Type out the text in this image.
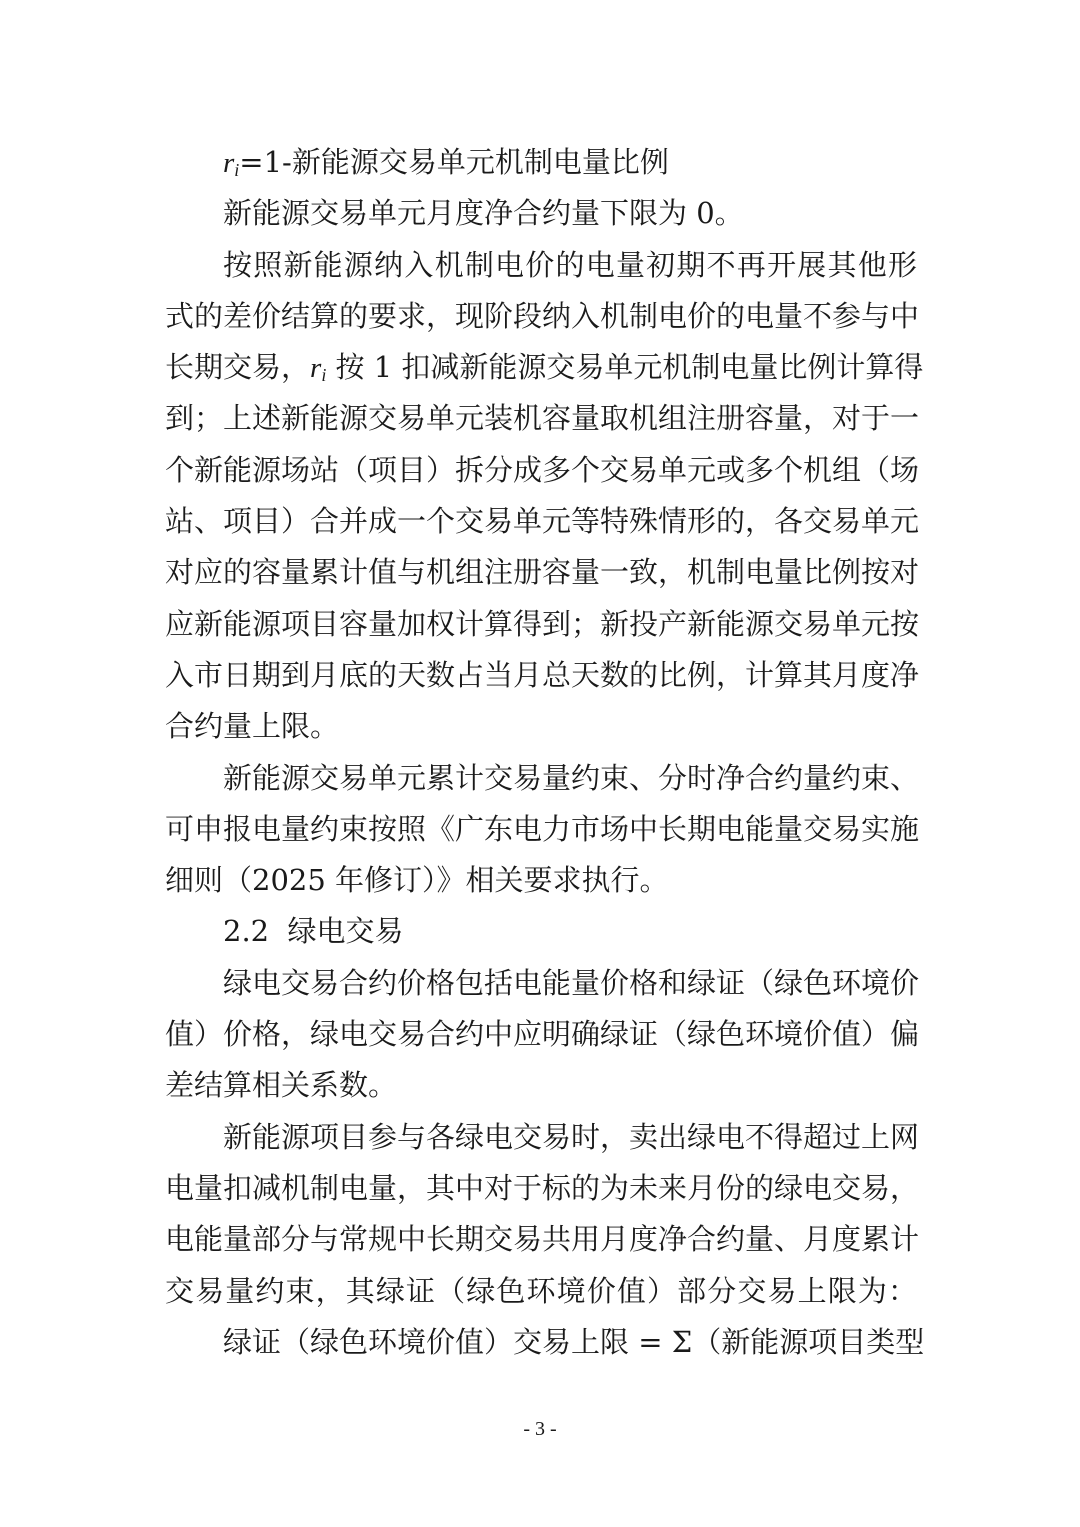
$r_i=1-$新能源交易单元机制电量比例
新能源交易单元月度净合约量下限为 0。
按照新能源纳入机制电价的电量初期不再开展其他形
式的差价结算的要求，现阶段纳入机制电价的电量不参与中
长期交易，$r_i$ 按 1 扣减新能源交易单元机制电量比例计算得
到；上述新能源交易单元装机容量取机组注册容量，对于一
个新能源场站（项目）拆分成多个交易单元或多个机组（场
站、项目）合并成一个交易单元等特殊情形的，各交易单元
对应的容量累计值与机组注册容量一致，机制电量比例按对
应新能源项目容量加权计算得到；新投产新能源交易单元按
入市日期到月底的天数占当月总天数的比例，计算其月度净
合约量上限。
新能源交易单元累计交易量约束、分时净合约量约束、
可申报电量约束按照《广东电力市场中长期电能量交易实施
细则（2025 年修订）》相关要求执行。
2.2  绿电交易
绿电交易合约价格包括电能量价格和绿证（绿色环境价
值）价格，绿电交易合约中应明确绿证（绿色环境价值）偏
差结算相关系数。
新能源项目参与各绿电交易时，卖出绿电不得超过上网
电量扣减机制电量，其中对于标的为未来月份的绿电交易，
电能量部分与常规中长期交易共用月度净合约量、月度累计
交易量约束，其绿证（绿色环境价值）部分交易上限为：
绿证（绿色环境价值）交易上限 = Σ（新能源项目类型
- 3 -
